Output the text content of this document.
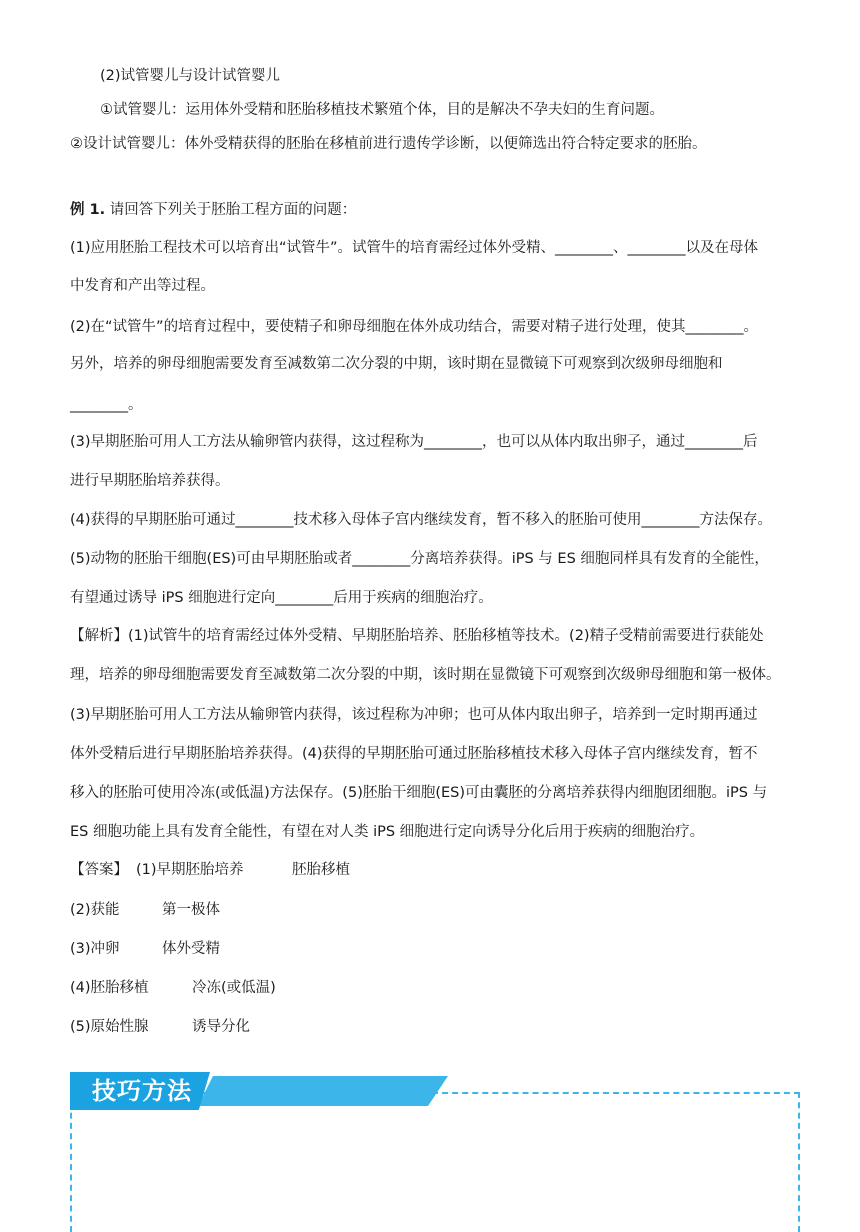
(2)试管婴儿与设计试管婴儿
①试管婴儿：运用体外受精和胚胎移植技术繁殖个体，目的是解决不孕夫妇的生育问题。
②设计试管婴儿：体外受精获得的胚胎在移植前进行遗传学诊断，以便筛选出符合特定要求的胚胎。
例 1. 请回答下列关于胚胎工程方面的问题：
(1)应用胚胎工程技术可以培育出“试管牛”。试管牛的培育需经过体外受精、________、________以及在母体
中发育和产出等过程。
(2)在“试管牛”的培育过程中，要使精子和卵母细胞在体外成功结合，需要对精子进行处理，使其________。
另外，培养的卵母细胞需要发育至减数第二次分裂的中期，该时期在显微镜下可观察到次级卵母细胞和
________。
(3)早期胚胎可用人工方法从输卵管内获得，这过程称为________，也可以从体内取出卵子，通过________后
进行早期胚胎培养获得。
(4)获得的早期胚胎可通过________技术移入母体子宫内继续发育，暂不移入的胚胎可使用________方法保存。
(5)动物的胚胎干细胞(ES)可由早期胚胎或者________分离培养获得。iPS 与 ES 细胞同样具有发育的全能性，
有望通过诱导 iPS 细胞进行定向________后用于疾病的细胞治疗。
【解析】(1)试管牛的培育需经过体外受精、早期胚胎培养、胚胎移植等技术。(2)精子受精前需要进行获能处
理，培养的卵母细胞需要发育至减数第二次分裂的中期，该时期在显微镜下可观察到次级卵母细胞和第一极体。
(3)早期胚胎可用人工方法从输卵管内获得，该过程称为冲卵；也可从体内取出卵子，培养到一定时期再通过
体外受精后进行早期胚胎培养获得。(4)获得的早期胚胎可通过胚胎移植技术移入母体子宫内继续发育，暂不
移入的胚胎可使用冷冻(或低温)方法保存。(5)胚胎干细胞(ES)可由囊胚的分离培养获得内细胞团细胞。iPS 与
ES 细胞功能上具有发育全能性，有望在对人类 iPS 细胞进行定向诱导分化后用于疾病的细胞治疗。
【答案】 (1)早期胚胎培养	胚胎移植
(2)获能	第一极体
(3)冲卵	体外受精
(4)胚胎移植	冷冻(或低温)
(5)原始性腺	诱导分化
技巧方法
